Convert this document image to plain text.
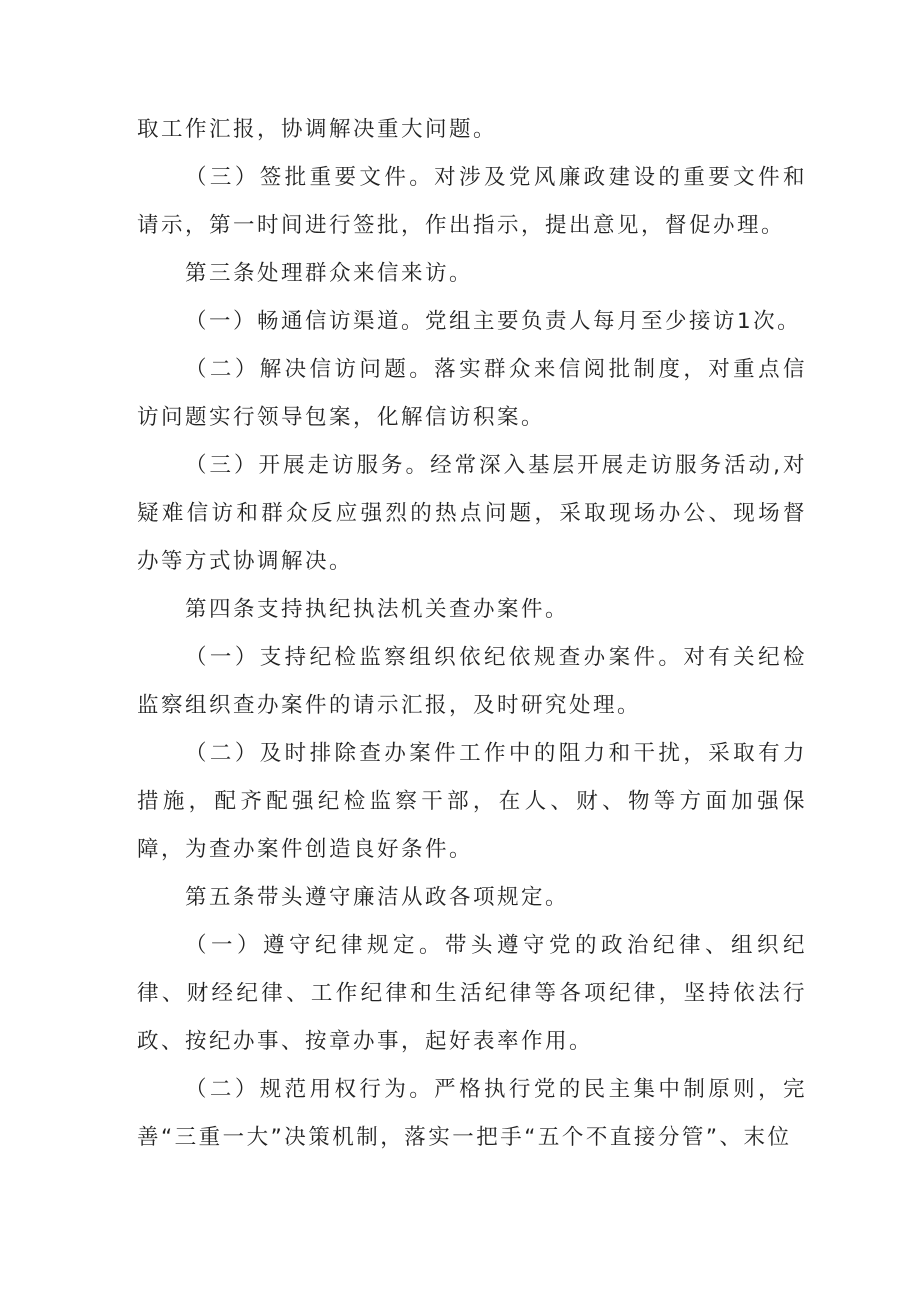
取工作汇报，协调解决重大问题。

（三）签批重要文件。对涉及党风廉政建设的重要文件和请示，第一时间进行签批，作出指示，提出意见，督促办理。

第三条处理群众来信来访。

（一）畅通信访渠道。党组主要负责人每月至少接访1次。

（二）解决信访问题。落实群众来信阅批制度，对重点信访问题实行领导包案，化解信访积案。

（三）开展走访服务。经常深入基层开展走访服务活动,对疑难信访和群众反应强烈的热点问题，采取现场办公、现场督办等方式协调解决。

第四条支持执纪执法机关查办案件。

（一）支持纪检监察组织依纪依规查办案件。对有关纪检监察组织查办案件的请示汇报，及时研究处理。

（二）及时排除查办案件工作中的阻力和干扰，采取有力措施，配齐配强纪检监察干部，在人、财、物等方面加强保障，为查办案件创造良好条件。

第五条带头遵守廉洁从政各项规定。

（一）遵守纪律规定。带头遵守党的政治纪律、组织纪律、财经纪律、工作纪律和生活纪律等各项纪律，坚持依法行政、按纪办事、按章办事，起好表率作用。

（二）规范用权行为。严格执行党的民主集中制原则，完善“三重一大”决策机制，落实一把手“五个不直接分管”、末位
